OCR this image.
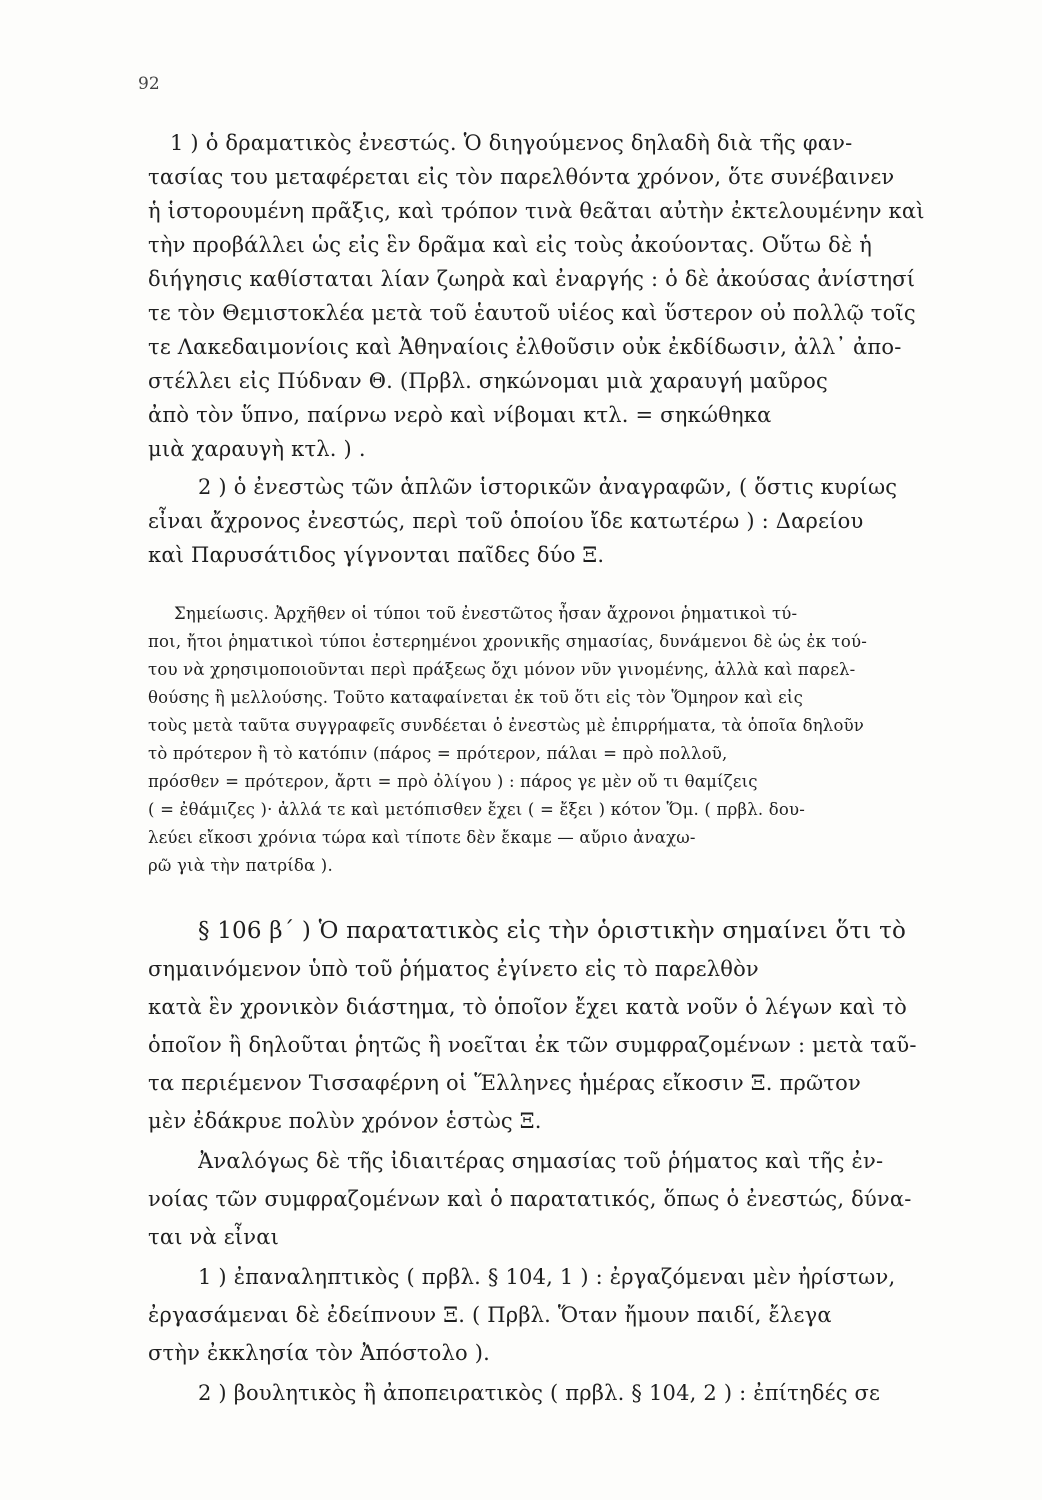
92
1 ) ὁ δραματικὸς ἐνεστώς. Ὁ διηγούμενος δηλαδὴ διὰ τῆς φαν-
τασίας του μεταφέρεται εἰς τὸν παρελθόντα χρόνον, ὅτε συνέβαινεν
ἡ ἱστορουμένη πρᾶξις, καὶ τρόπον τινὰ θεᾶται αὐτὴν ἐκτελουμένην καὶ
τὴν προβάλλει ὡς εἰς ἓν δρᾶμα καὶ εἰς τοὺς ἀκούοντας. Οὕτω δὲ ἡ
διήγησις καθίσταται λίαν ζωηρὰ καὶ ἐναργής : ὁ δὲ ἀκούσας ἀνίστησί
τε τὸν Θεμιστοκλέα μετὰ τοῦ ἑαυτοῦ υἱέος καὶ ὕστερον οὐ πολλῷ τοῖς
τε Λακεδαιμονίοις καὶ Ἀθηναίοις ἐλθοῦσιν οὐκ ἐκδίδωσιν, ἀλλ᾿ ἀπο-
στέλλει εἰς Πύδναν Θ. (Πρβλ. σηκώνομαι μιὰ χαραυγή μαῦρος
ἀπὸ τὸν ὕπνο, παίρνω νερὸ καὶ νίβομαι κτλ. = σηκώθηκα
μιὰ χαραυγὴ κτλ. ) .
2 ) ὁ ἐνεστὼς τῶν ἁπλῶν ἱστορικῶν ἀναγραφῶν, ( ὅστις κυρίως
εἶναι ἄχρονος ἐνεστώς, περὶ τοῦ ὁποίου ἴδε κατωτέρω ) : Δαρείου
καὶ Παρυσάτιδος γίγνονται παῖδες δύο Ξ.
Σημείωσις. Ἀρχῆθεν οἱ τύποι τοῦ ἐνεστῶτος ἦσαν ἄχρονοι ῥηματικοὶ τύ-
ποι, ἤτοι ῥηματικοὶ τύποι ἐστερημένοι χρονικῆς σημασίας, δυνάμενοι δὲ ὡς ἐκ τού-
του νὰ χρησιμοποιοῦνται περὶ πράξεως ὄχι μόνον νῦν γινομένης, ἀλλὰ καὶ παρελ-
θούσης ἢ μελλούσης. Τοῦτο καταφαίνεται ἐκ τοῦ ὅτι εἰς τὸν Ὅμηρον καὶ εἰς
τοὺς μετὰ ταῦτα συγγραφεῖς συνδέεται ὁ ἐνεστὼς μὲ ἐπιρρήματα, τὰ ὁποῖα δηλοῦν
τὸ πρότερον ἢ τὸ κατόπιν (πάρος = πρότερον, πάλαι = πρὸ πολλοῦ,
πρόσθεν = πρότερον, ἄρτι = πρὸ ὀλίγου ) : πάρος γε μὲν οὔ τι θαμίζεις
( = ἐθάμιζες )· ἀλλά τε καὶ μετόπισθεν ἔχει ( = ἔξει ) κότον Ὅμ. ( πρβλ. δου-
λεύει εἴκοσι χρόνια τώρα καὶ τίποτε δὲν ἔκαμε — αὔριο ἀναχω-
ρῶ γιὰ τὴν πατρίδα ).
§ 106 β΄ ) Ὁ παρατατικὸς εἰς τὴν ὁριστικὴν σημαίνει ὅτι τὸ
σημαινόμενον ὑπὸ τοῦ ῥήματος ἐγίνετο εἰς τὸ παρελθὸν
κατὰ ἓν χρονικὸν διάστημα, τὸ ὁποῖον ἔχει κατὰ νοῦν ὁ λέγων καὶ τὸ
ὁποῖον ἢ δηλοῦται ῥητῶς ἢ νοεῖται ἐκ τῶν συμφραζομένων : μετὰ ταῦ-
τα περιέμενον Τισσαφέρνη οἱ Ἕλληνες ἡμέρας εἴκοσιν Ξ. πρῶτον
μὲν ἐδάκρυε πολὺν χρόνον ἑστὼς Ξ.
Ἀναλόγως δὲ τῆς ἰδιαιτέρας σημασίας τοῦ ῥήματος καὶ τῆς ἐν-
νοίας τῶν συμφραζομένων καὶ ὁ παρατατικός, ὅπως ὁ ἐνεστώς, δύνα-
ται νὰ εἶναι
1 ) ἐπαναληπτικὸς ( πρβλ. § 104, 1 ) : ἐργαζόμεναι μὲν ἠρίστων,
ἐργασάμεναι δὲ ἐδείπνουν Ξ. ( Πρβλ. Ὅταν ἤμουν παιδί, ἔλεγα
στὴν ἐκκλησία τὸν Ἀπόστολο ).
2 ) βουλητικὸς ἢ ἀποπειρατικὸς ( πρβλ. § 104, 2 ) : ἐπίτηδές σε
